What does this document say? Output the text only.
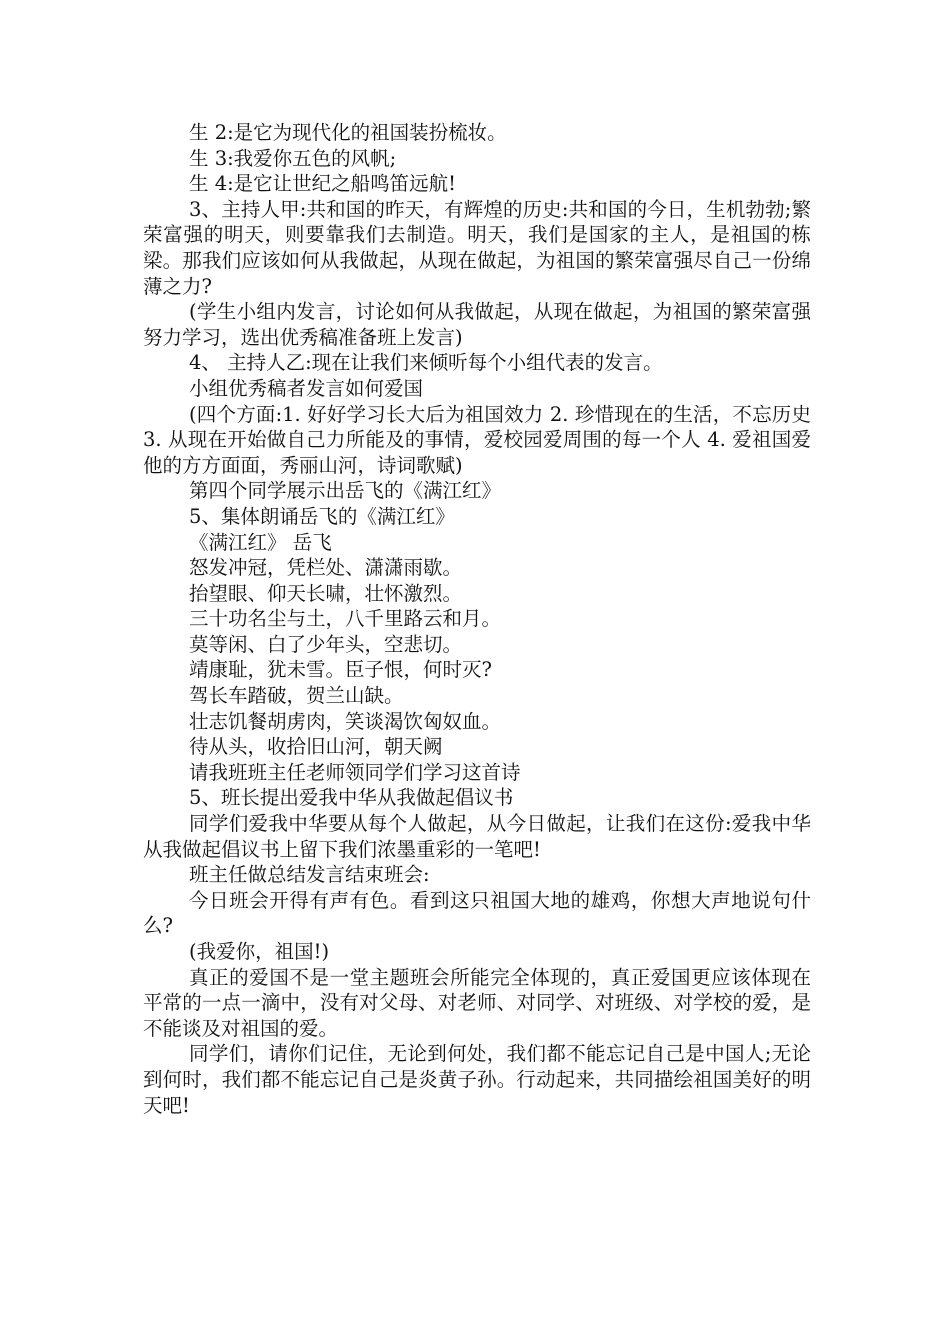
生 2:是它为现代化的祖国装扮梳妆。

生 3:我爱你五色的风帆;

生 4:是它让世纪之船鸣笛远航!

3、主持人甲:共和国的昨天，有辉煌的历史:共和国的今日，生机勃勃;繁荣富强的明天，则要靠我们去制造。明天，我们是国家的主人，是祖国的栋梁。那我们应该如何从我做起，从现在做起，为祖国的繁荣富强尽自己一份绵薄之力?

(学生小组内发言，讨论如何从我做起，从现在做起，为祖国的繁荣富强努力学习，选出优秀稿准备班上发言)

4、 主持人乙:现在让我们来倾听每个小组代表的发言。

小组优秀稿者发言如何爱国

(四个方面:1. 好好学习长大后为祖国效力 2. 珍惜现在的生活，不忘历史 3. 从现在开始做自己力所能及的事情，爱校园爱周围的每一个人 4. 爱祖国爱他的方方面面，秀丽山河，诗词歌赋)

第四个同学展示出岳飞的《满江红》

5、集体朗诵岳飞的《满江红》

《满江红》 岳飞

怒发冲冠，凭栏处、潇潇雨歇。

抬望眼、仰天长啸，壮怀激烈。

三十功名尘与土，八千里路云和月。

莫等闲、白了少年头，空悲切。

靖康耻，犹未雪。臣子恨，何时灭?

驾长车踏破，贺兰山缺。

壮志饥餐胡虏肉，笑谈渴饮匈奴血。

待从头，收拾旧山河，朝天阙

请我班班主任老师领同学们学习这首诗

5、班长提出爱我中华从我做起倡议书

同学们爱我中华要从每个人做起，从今日做起，让我们在这份:爱我中华从我做起倡议书上留下我们浓墨重彩的一笔吧!

班主任做总结发言结束班会:

今日班会开得有声有色。看到这只祖国大地的雄鸡，你想大声地说句什么?

(我爱你，祖国!)

真正的爱国不是一堂主题班会所能完全体现的，真正爱国更应该体现在平常的一点一滴中，没有对父母、对老师、对同学、对班级、对学校的爱，是不能谈及对祖国的爱。

同学们，请你们记住，无论到何处，我们都不能忘记自己是中国人;无论到何时，我们都不能忘记自己是炎黄子孙。行动起来，共同描绘祖国美好的明天吧!
